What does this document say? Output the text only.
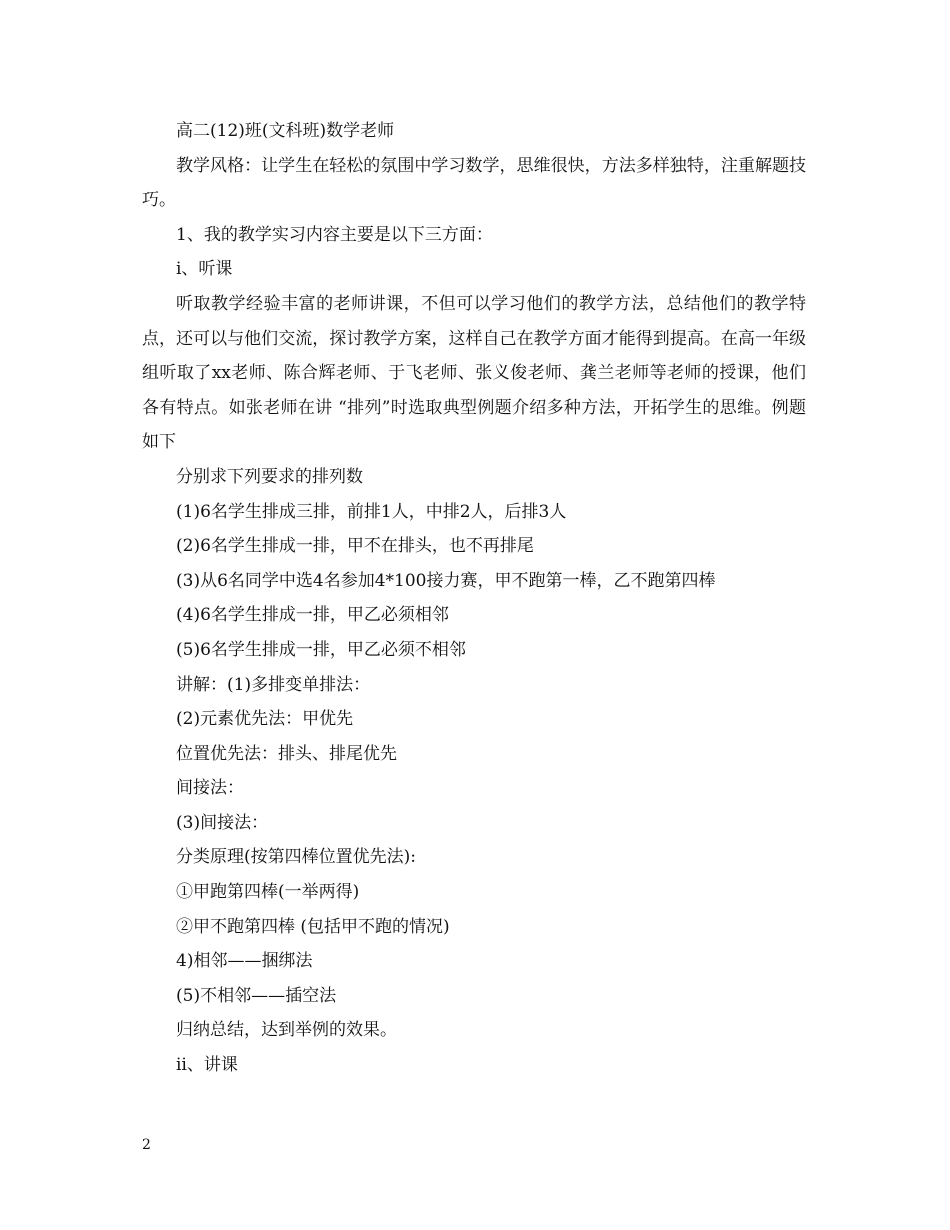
高二(12)班(文科班)数学老师

教学风格：让学生在轻松的氛围中学习数学，思维很快，方法多样独特，注重解题技巧。

1、我的教学实习内容主要是以下三方面：

ⅰ、听课

听取教学经验丰富的老师讲课，不但可以学习他们的教学方法，总结他们的教学特点，还可以与他们交流，探讨教学方案，这样自己在教学方面才能得到提高。在高一年级组听取了xx老师、陈合辉老师、于飞老师、张义俊老师、龚兰老师等老师的授课，他们各有特点。如张老师在讲 “排列”时选取典型例题介绍多种方法，开拓学生的思维。例题如下

分别求下列要求的排列数

(1)6名学生排成三排，前排1人，中排2人，后排3人

(2)6名学生排成一排，甲不在排头，也不再排尾

(3)从6名同学中选4名参加4*100接力赛，甲不跑第一棒，乙不跑第四棒

(4)6名学生排成一排，甲乙必须相邻

(5)6名学生排成一排，甲乙必须不相邻

讲解：(1)多排变单排法：

(2)元素优先法：甲优先

位置优先法：排头、排尾优先

间接法：

(3)间接法：

分类原理(按第四棒位置优先法):

①甲跑第四棒(一举两得)

②甲不跑第四棒 (包括甲不跑的情况)

4)相邻——捆绑法

(5)不相邻——插空法

归纳总结，达到举例的效果。

ⅱ、讲课

2
